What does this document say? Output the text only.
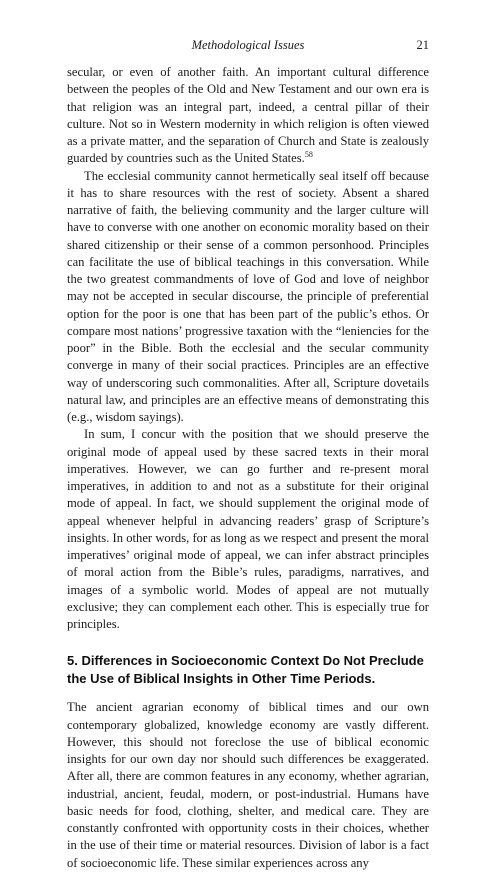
Methodological Issues	21

secular, or even of another faith. An important cultural difference between the peoples of the Old and New Testament and our own era is that religion was an integral part, indeed, a central pillar of their culture. Not so in Western modernity in which religion is often viewed as a private matter, and the separation of Church and State is zealously guarded by countries such as the United States.$^{58}$

The ecclesial community cannot hermetically seal itself off because it has to share resources with the rest of society. Absent a shared narrative of faith, the believing community and the larger culture will have to converse with one another on economic morality based on their shared citizenship or their sense of a common personhood. Principles can facilitate the use of biblical teachings in this conversation. While the two greatest commandments of love of God and love of neighbor may not be accepted in secular discourse, the principle of preferential option for the poor is one that has been part of the public’s ethos. Or compare most nations’ progressive taxation with the “leniencies for the poor” in the Bible. Both the ecclesial and the secular community converge in many of their social practices. Principles are an effective way of underscoring such commonalities. After all, Scripture dovetails natural law, and principles are an effective means of demonstrating this (e.g., wisdom sayings).

In sum, I concur with the position that we should preserve the original mode of appeal used by these sacred texts in their moral imperatives. However, we can go further and re-present moral imperatives, in addition to and not as a substitute for their original mode of appeal. In fact, we should supplement the original mode of appeal whenever helpful in advancing readers’ grasp of Scripture’s insights. In other words, for as long as we respect and present the moral imperatives’ original mode of appeal, we can infer abstract principles of moral action from the Bible’s rules, paradigms, narratives, and images of a symbolic world. Modes of appeal are not mutually exclusive; they can complement each other. This is especially true for principles.

5. Differences in Socioeconomic Context Do Not Preclude
the Use of Biblical Insights in Other Time Periods.

The ancient agrarian economy of biblical times and our own contemporary globalized, knowledge economy are vastly different. However, this should not foreclose the use of biblical economic insights for our own day nor should such differences be exaggerated. After all, there are common features in any economy, whether agrarian, industrial, ancient, feudal, modern, or post-industrial. Humans have basic needs for food, clothing, shelter, and medical care. They are constantly confronted with opportunity costs in their choices, whether in the use of their time or material resources. Division of labor is a fact of socioeconomic life. These similar experiences across any
